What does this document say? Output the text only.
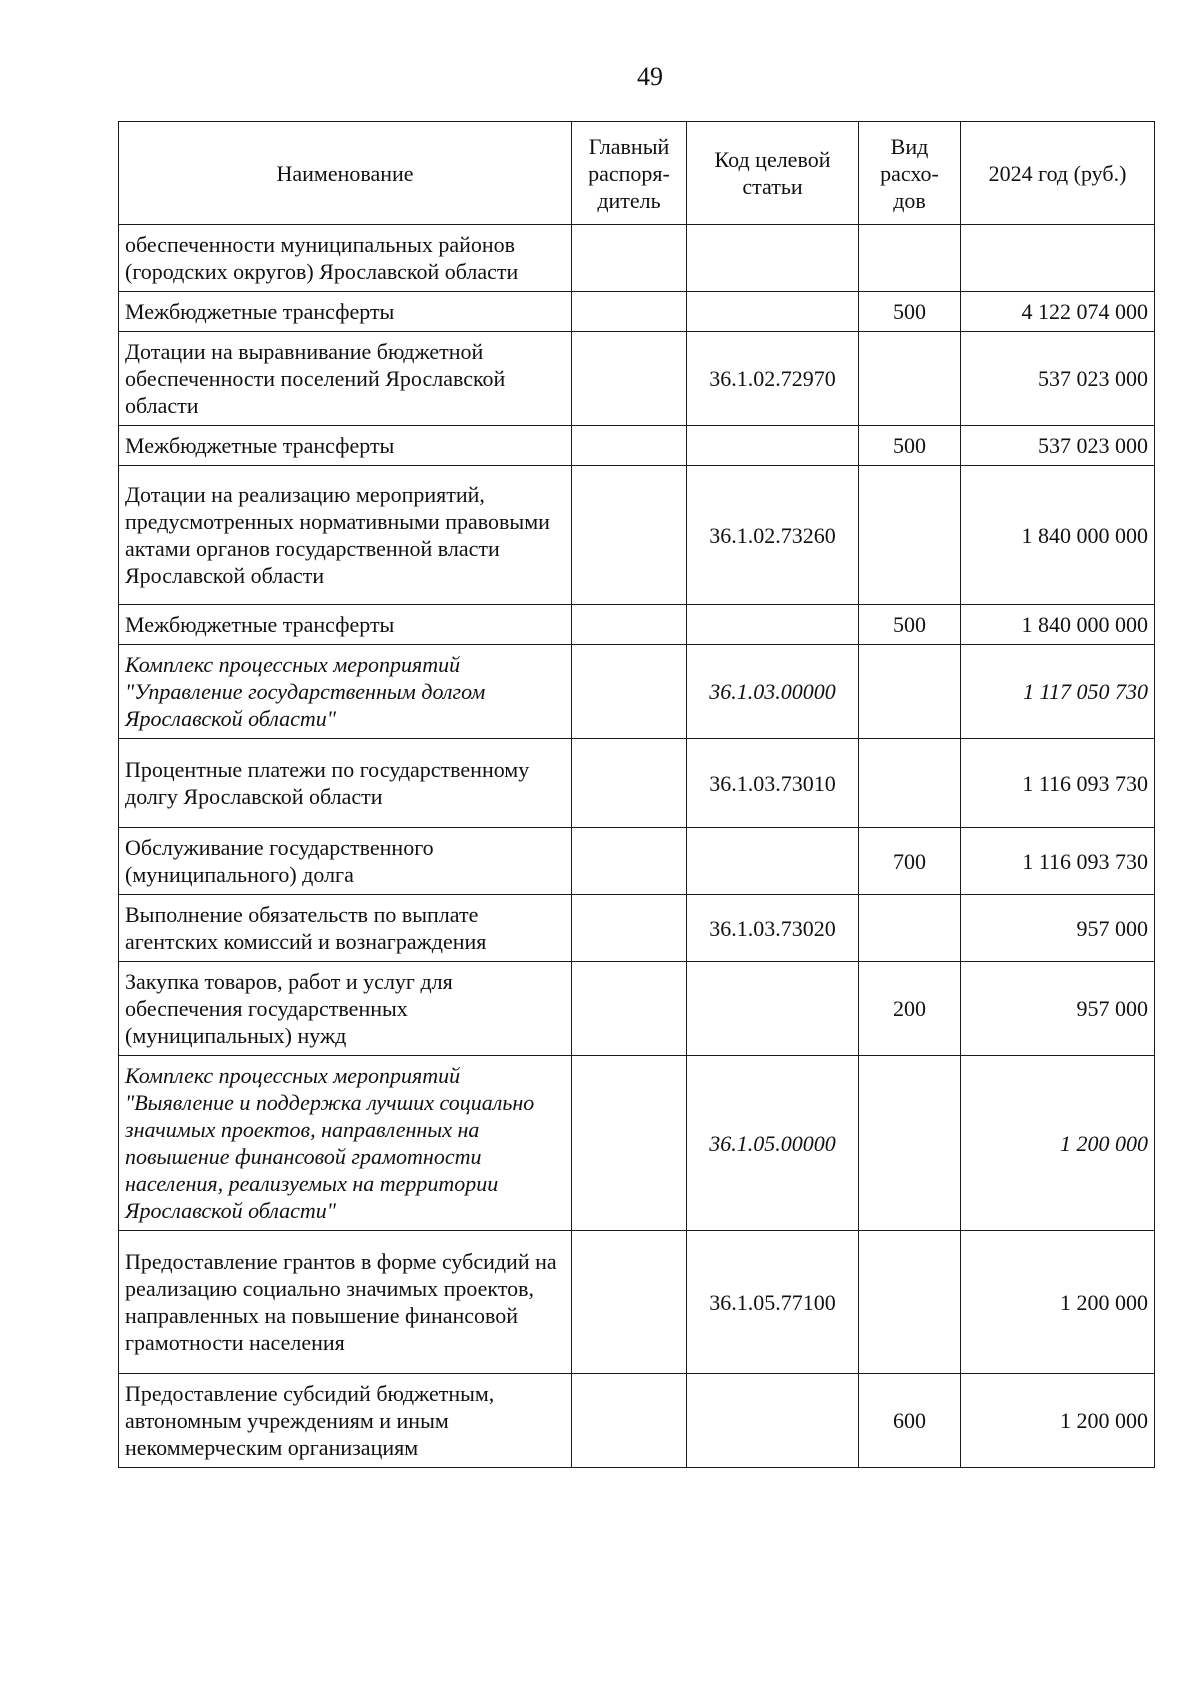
49
Наименование	Главный распоря-дитель	Код целевой статьи	Вид расхо-дов	2024 год (руб.)
обеспеченности муниципальных районов (городских округов) Ярославской области				
Межбюджетные трансферты			500	4 122 074 000
Дотации на выравнивание бюджетной обеспеченности поселений Ярославской области		36.1.02.72970		537 023 000
Межбюджетные трансферты			500	537 023 000
Дотации на реализацию мероприятий, предусмотренных нормативными правовыми актами органов государственной власти Ярославской области		36.1.02.73260		1 840 000 000
Межбюджетные трансферты			500	1 840 000 000
Комплекс процессных мероприятий "Управление государственным долгом Ярославской области"		36.1.03.00000		1 117 050 730
Процентные платежи по государственному долгу Ярославской области		36.1.03.73010		1 116 093 730
Обслуживание государственного (муниципального) долга			700	1 116 093 730
Выполнение обязательств по выплате агентских комиссий и вознаграждения		36.1.03.73020		957 000
Закупка товаров, работ и услуг для обеспечения государственных (муниципальных) нужд			200	957 000
Комплекс процессных мероприятий "Выявление и поддержка лучших социально значимых проектов, направленных на повышение финансовой грамотности населения, реализуемых на территории Ярославской области"		36.1.05.00000		1 200 000
Предоставление грантов в форме субсидий на реализацию социально значимых проектов, направленных на повышение финансовой грамотности населения		36.1.05.77100		1 200 000
Предоставление субсидий бюджетным, автономным учреждениям и иным некоммерческим организациям			600	1 200 000
